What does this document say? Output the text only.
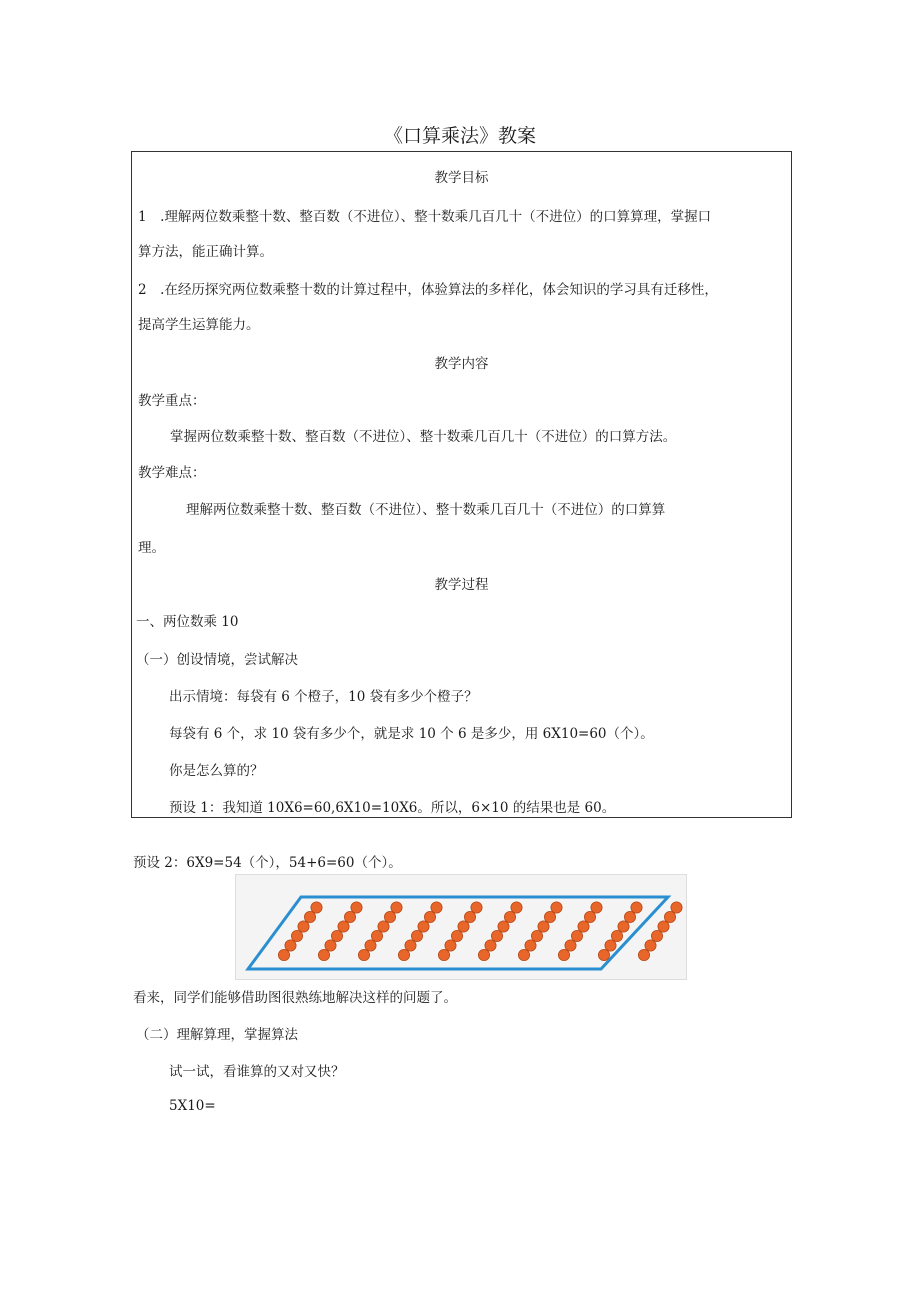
《口算乘法》教案
教学目标
1　.理解两位数乘整十数、整百数（不进位）、整十数乘几百几十（不进位）的口算算理，掌握口
算方法，能正确计算。
2　.在经历探究两位数乘整十数的计算过程中，体验算法的多样化，体会知识的学习具有迁移性，
提高学生运算能力。
教学内容
教学重点：
掌握两位数乘整十数、整百数（不进位）、整十数乘几百几十（不进位）的口算方法。
教学难点：
理解两位数乘整十数、整百数（不进位）、整十数乘几百几十（不进位）的口算算
理。
教学过程
一、两位数乘 10
（一）创设情境，尝试解决
出示情境：每袋有 6 个橙子，10 袋有多少个橙子？
每袋有 6 个，求 10 袋有多少个，就是求 10 个 6 是多少，用 6X10=60（个）。
你是怎么算的？
预设 1：我知道 10X6=60,6X10=10X6。所以，6×10 的结果也是 60。
预设 2：6X9=54（个），54+6=60（个）。
看来，同学们能够借助图很熟练地解决这样的问题了。
（二）理解算理，掌握算法
试一试，看谁算的又对又快？
5X10=
